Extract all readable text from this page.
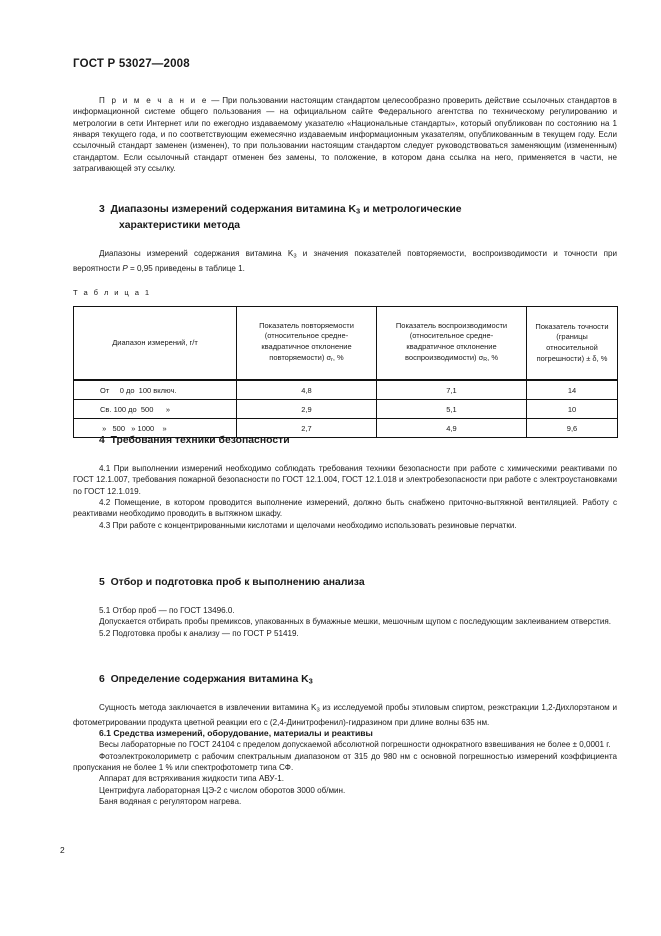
ГОСТ Р 53027—2008

П р и м е ч а н и е — При пользовании настоящим стандартом целесообразно проверить действие ссылочных стандартов в информационной системе общего пользования — на официальном сайте Федерального агентства по техническому регулированию и метрологии в сети Интернет или по ежегодно издаваемому указателю «Национальные стандарты», который опубликован по состоянию на 1 января текущего года, и по соответствующим ежемесячно издаваемым информационным указателям, опубликованным в текущем году. Если ссылочный стандарт заменен (изменен), то при пользовании настоящим стандартом следует руководствоваться заменяющим (измененным) стандартом. Если ссылочный стандарт отменен без замены, то положение, в котором дана ссылка на него, применяется в части, не затрагивающей эту ссылку.

3 Диапазоны измерений содержания витамина $K_3$ и метрологические
характеристики метода

Диапазоны измерений содержания витамина $K_3$ и значения показателей повторяемости, воспроизводимости и точности при вероятности P = 0,95 приведены в таблице 1.

Т а б л и ц а 1

Диапазон измерений, г/т	Показатель повторяемости
(относительное средне-
квадратичное отклонение
повторяемости) $\sigma_r$, %	Показатель воспроизводимости
(относительное средне-
квадратичное отклонение
воспроизводимости) $\sigma_R$, %	Показатель точности
(границы относительной
погрешности) ± δ, %
От     0 до  100 включ.	4,8	7,1	14
Св. 100 до  500      »	2,9	5,1	10
»   500   » 1000    »	2,7	4,9	9,6
4 Требования техники безопасности

4.1 При выполнении измерений необходимо соблюдать требования техники безопасности при работе с химическими реактивами по ГОСТ 12.1.007, требования пожарной безопасности по ГОСТ 12.1.004, ГОСТ 12.1.018 и электробезопасности при работе с электроустановками по ГОСТ 12.1.019.

4.2 Помещение, в котором проводится выполнение измерений, должно быть снабжено приточно-вытяжной вентиляцией. Работу с реактивами необходимо проводить в вытяжном шкафу.

4.3 При работе с концентрированными кислотами и щелочами необходимо использовать резиновые перчатки.

5 Отбор и подготовка проб к выполнению анализа

5.1 Отбор проб — по ГОСТ 13496.0.

Допускается отбирать пробы премиксов, упакованных в бумажные мешки, мешочным щупом с последующим заклеиванием отверстия.

5.2 Подготовка пробы к анализу — по ГОСТ Р 51419.

6 Определение содержания витамина $K_3$

Сущность метода заключается в извлечении витамина $K_3$ из исследуемой пробы этиловым спиртом, реэкстракции 1,2-Дихлорэтаном и фотометрировании продукта цветной реакции его с (2,4-Динитрофенил)-гидразином при длине волны 635 нм.

6.1 Средства измерений, оборудование, материалы и реактивы

Весы лабораторные по ГОСТ 24104 с пределом допускаемой абсолютной погрешности однократного взвешивания не более ± 0,0001 г.

Фотоэлектроколориметр с рабочим спектральным диапазоном от 315 до 980 нм с основной погрешностью измерений коэффициента пропускания не более 1 % или спектрофотометр типа СФ.

Аппарат для встряхивания жидкости типа АВУ-1.

Центрифуга лабораторная ЦЭ-2 с числом оборотов 3000 об/мин.

Баня водяная с регулятором нагрева.

2
